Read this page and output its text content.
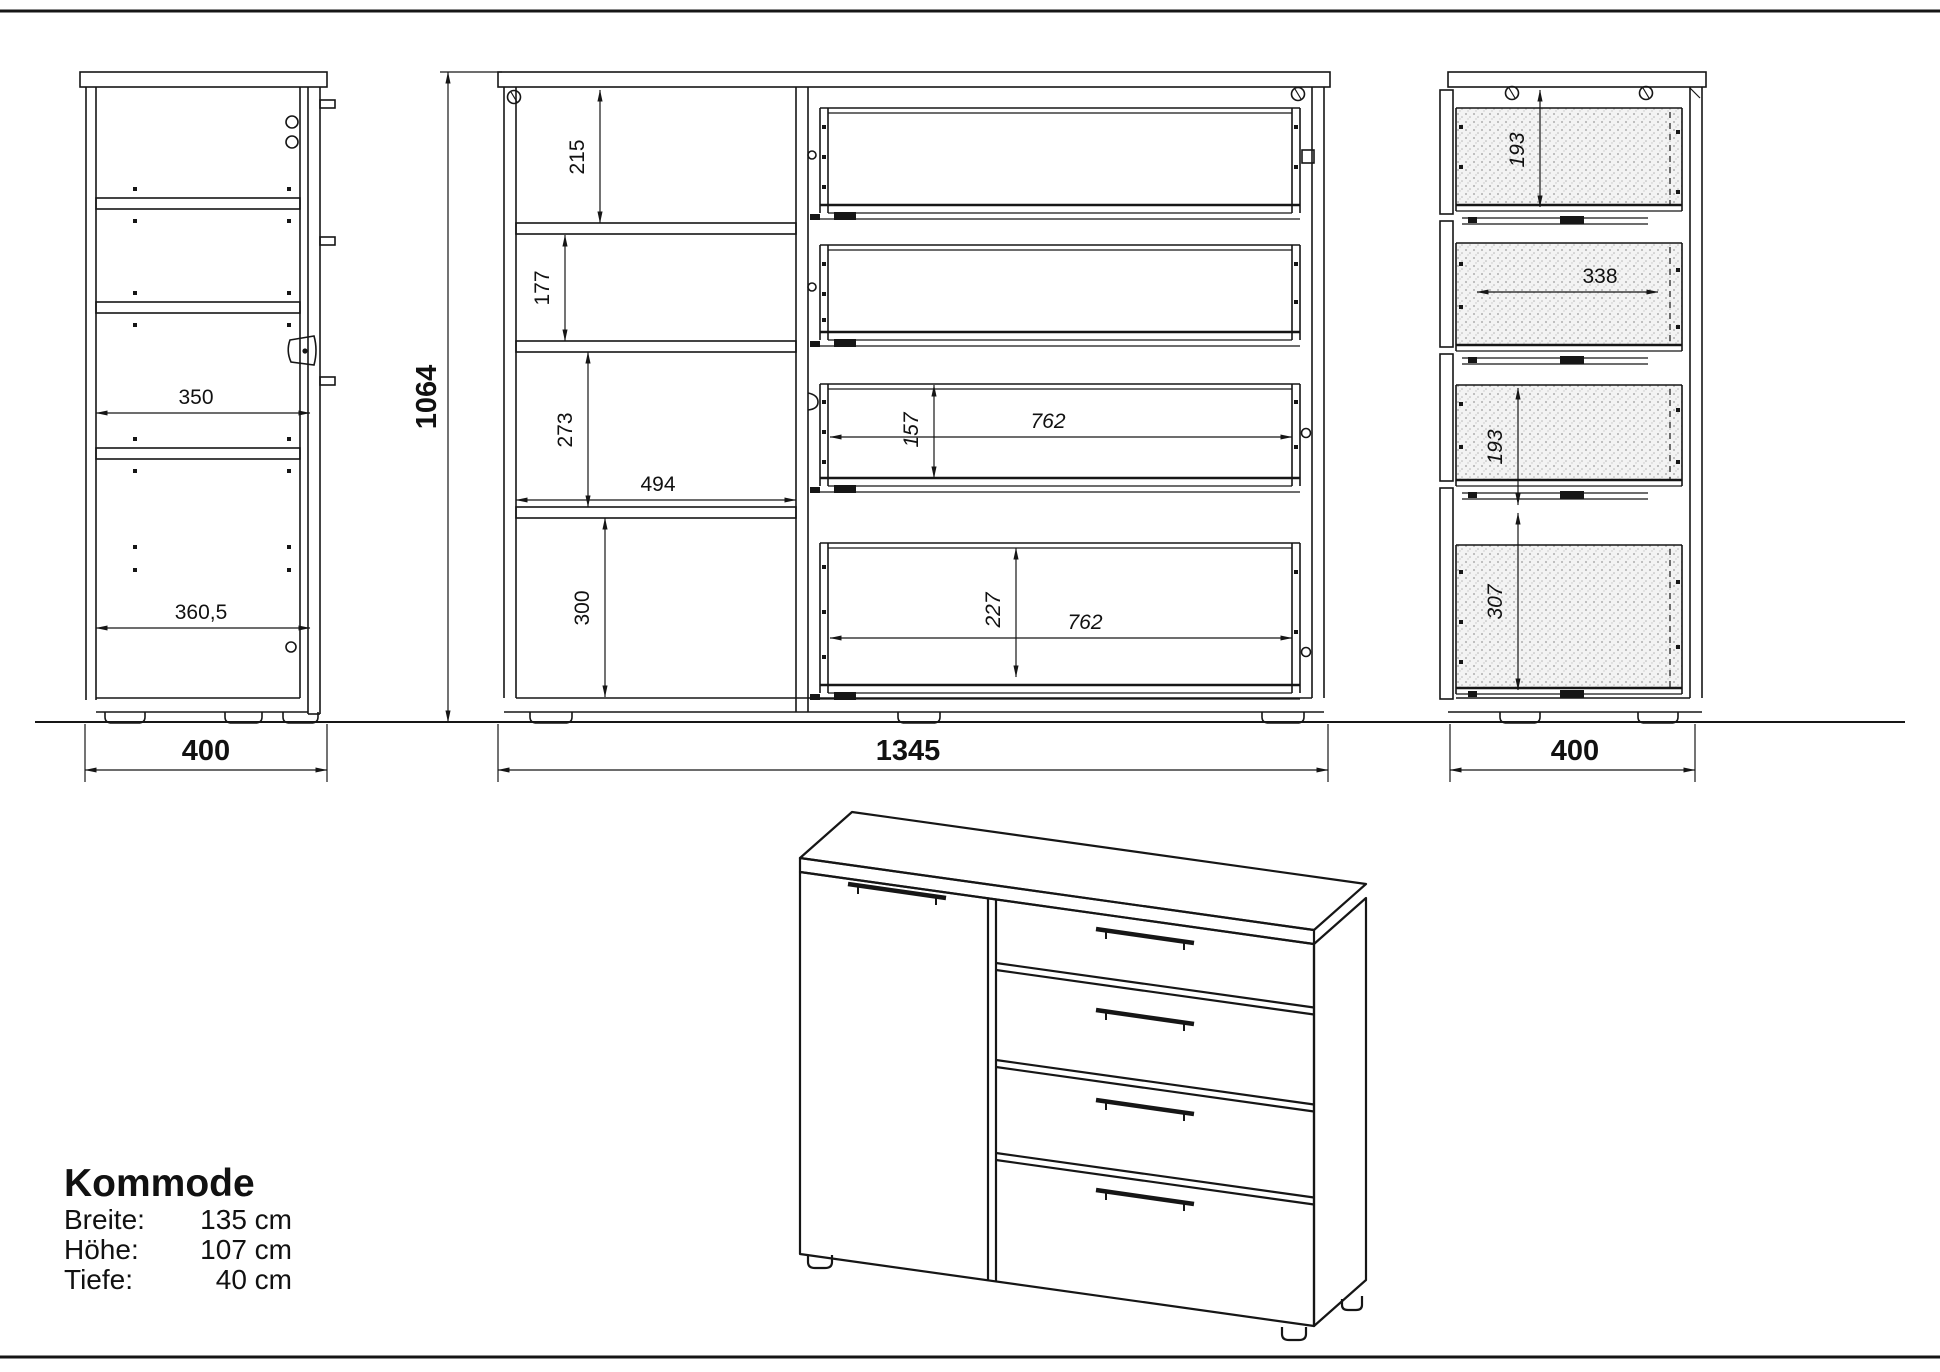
350
360,5
400
1064
215
177
273
300
494
157	762
227	762
1345
193
338
193
307
400
Kommode
Breite: 135 cm
Höhe: 107 cm
Tiefe:	40 cm
